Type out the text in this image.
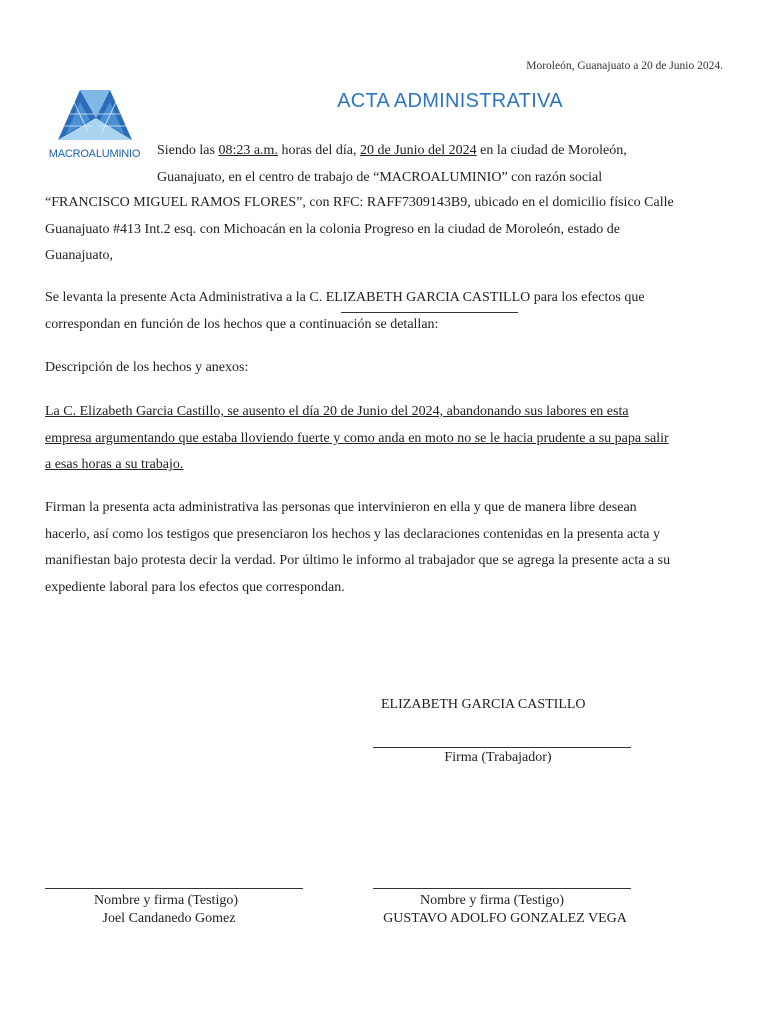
Moroleón, Guanajuato a 20 de Junio 2024.
MACROALUMINIO
ACTA ADMINISTRATIVA
Siendo las 08:23 a.m. horas del día, 20 de Junio del 2024 en la ciudad de Moroleón,
Guanajuato, en el centro de trabajo de “MACROALUMINIO” con razón social
“FRANCISCO MIGUEL RAMOS FLORES”, con RFC: RAFF7309143B9, ubicado en el domicilio físico Calle
Guanajuato #413 Int.2 esq. con Michoacán en la colonia Progreso en la ciudad de Moroleón, estado de
Guanajuato,
Se levanta la presente Acta Administrativa a la C. ELIZABETH GARCIA CASTILLO para los efectos que
correspondan en función de los hechos que a continuación se detallan:
Descripción de los hechos y anexos:
La C. Elizabeth Garcia Castillo, se ausento el día 20 de Junio del 2024, abandonando sus labores en esta
empresa argumentando que estaba lloviendo fuerte y como anda en moto no se le hacia prudente a su papa salir
a esas horas a su trabajo.
Firman la presenta acta administrativa las personas que intervinieron en ella y que de manera libre desean
hacerlo, así como los testigos que presenciaron los hechos y las declaraciones contenidas en la presenta acta y
manifiestan bajo protesta decir la verdad. Por último le informo al trabajador que se agrega la presente acta a su
expediente laboral para los efectos que correspondan.
ELIZABETH GARCIA CASTILLO
Firma (Trabajador)
Nombre y firma (Testigo)
Joel Candanedo Gomez
Nombre y firma (Testigo)
GUSTAVO ADOLFO GONZALEZ VEGA
